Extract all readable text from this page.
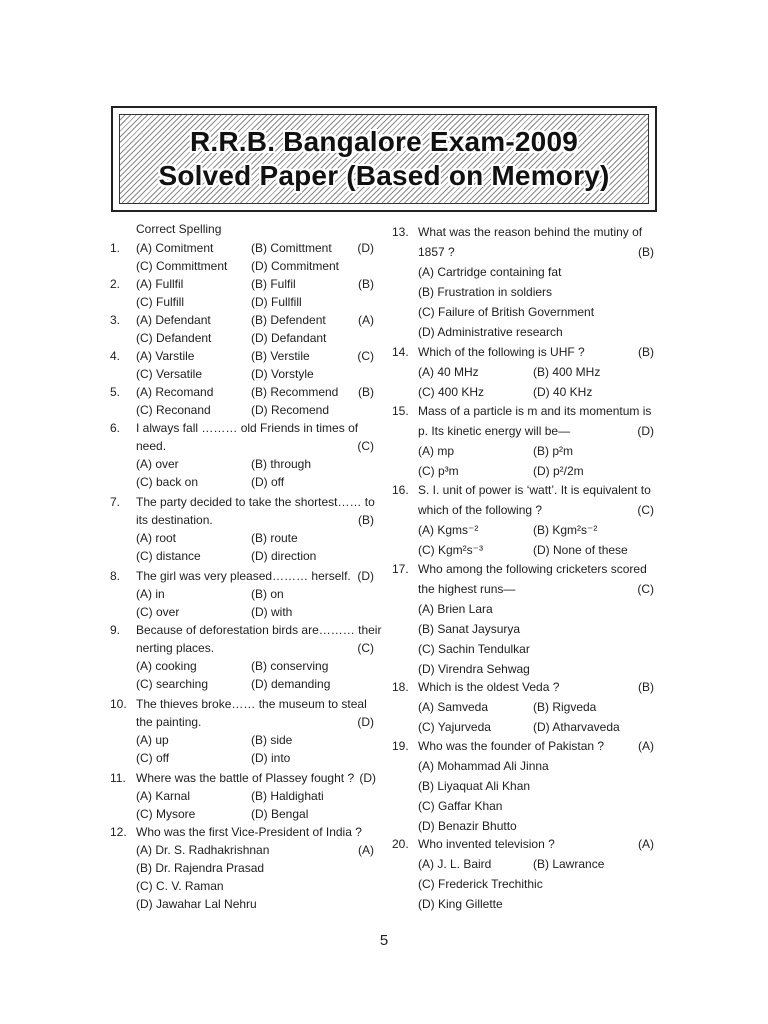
R.R.B. Bangalore Exam-2009
Solved Paper (Based on Memory)
Correct Spelling
1. (A) Comitment	(B) Comittment (D)
(C) Committment (D) Commitment
2. (A) Fullfil	(B) Fulfil	(B)
(C) Fulfill	(D) Fullfill
3. (A) Defendant	(B) Defendent	(A)
(C) Defandent	(D) Defandant
4. (A) Varstile	(B) Verstile	(C)
(C) Versatile	(D) Vorstyle
5. (A) Recomand	(B) Recommend (B)
(C) Reconand	(D) Recomend
6. I always fall ……… old Friends in times of
need.	(C)
(A) over	(B) through
(C) back on	(D) off
7. The party decided to take the shortest…… to
its destination.	(B)
(A) root	(B) route
(C) distance	(D) direction
8. The girl was very pleased……… herself. (D)
(A) in	(B) on
(C) over	(D) with
9. Because of deforestation birds are……… their
nerting places.	(C)
(A) cooking	(B) conserving
(C) searching	(D) demanding
10. The thieves broke…… the museum to steal
the painting.	(D)
(A) up	(B) side
(C) off	(D) into
11. Where was the battle of Plassey fought ? (D)
(A) Karnal	(B) Haldighati
(C) Mysore	(D) Bengal
12. Who was the first Vice-President of India ?
(A) Dr. S. Radhakrishnan	(A)
(B) Dr. Rajendra Prasad
(C) C. V. Raman
(D) Jawahar Lal Nehru
13. What was the reason behind the mutiny of
1857 ?	(B)
(A) Cartridge containing fat
(B) Frustration in soldiers
(C) Failure of British Government
(D) Administrative research
14. Which of the following is UHF ?	(B)
(A) 40 MHz	(B) 400 MHz
(C) 400 KHz	(D) 40 KHz
15. Mass of a particle is m and its momentum is
p. Its kinetic energy will be—	(D)
(A) mp	(B) p²m
(C) p³m	(D) p²/2m
16. S. I. unit of power is ‘watt’. It is equivalent to
which of the following ?	(C)
(A) Kgms⁻²	(B) Kgm²s⁻²
(C) Kgm²s⁻³	(D) None of these
17. Who among the following cricketers scored
the highest runs—	(C)
(A) Brien Lara
(B) Sanat Jaysurya
(C) Sachin Tendulkar
(D) Virendra Sehwag
18. Which is the oldest Veda ?	(B)
(A) Samveda	(B) Rigveda
(C) Yajurveda	(D) Atharvaveda
19. Who was the founder of Pakistan ?	(A)
(A) Mohammad Ali Jinna
(B) Liyaquat Ali Khan
(C) Gaffar Khan
(D) Benazir Bhutto
20. Who invented television ?	(A)
(A) J. L. Baird	(B) Lawrance
(C) Frederick Trechithic
(D) King Gillette
5
